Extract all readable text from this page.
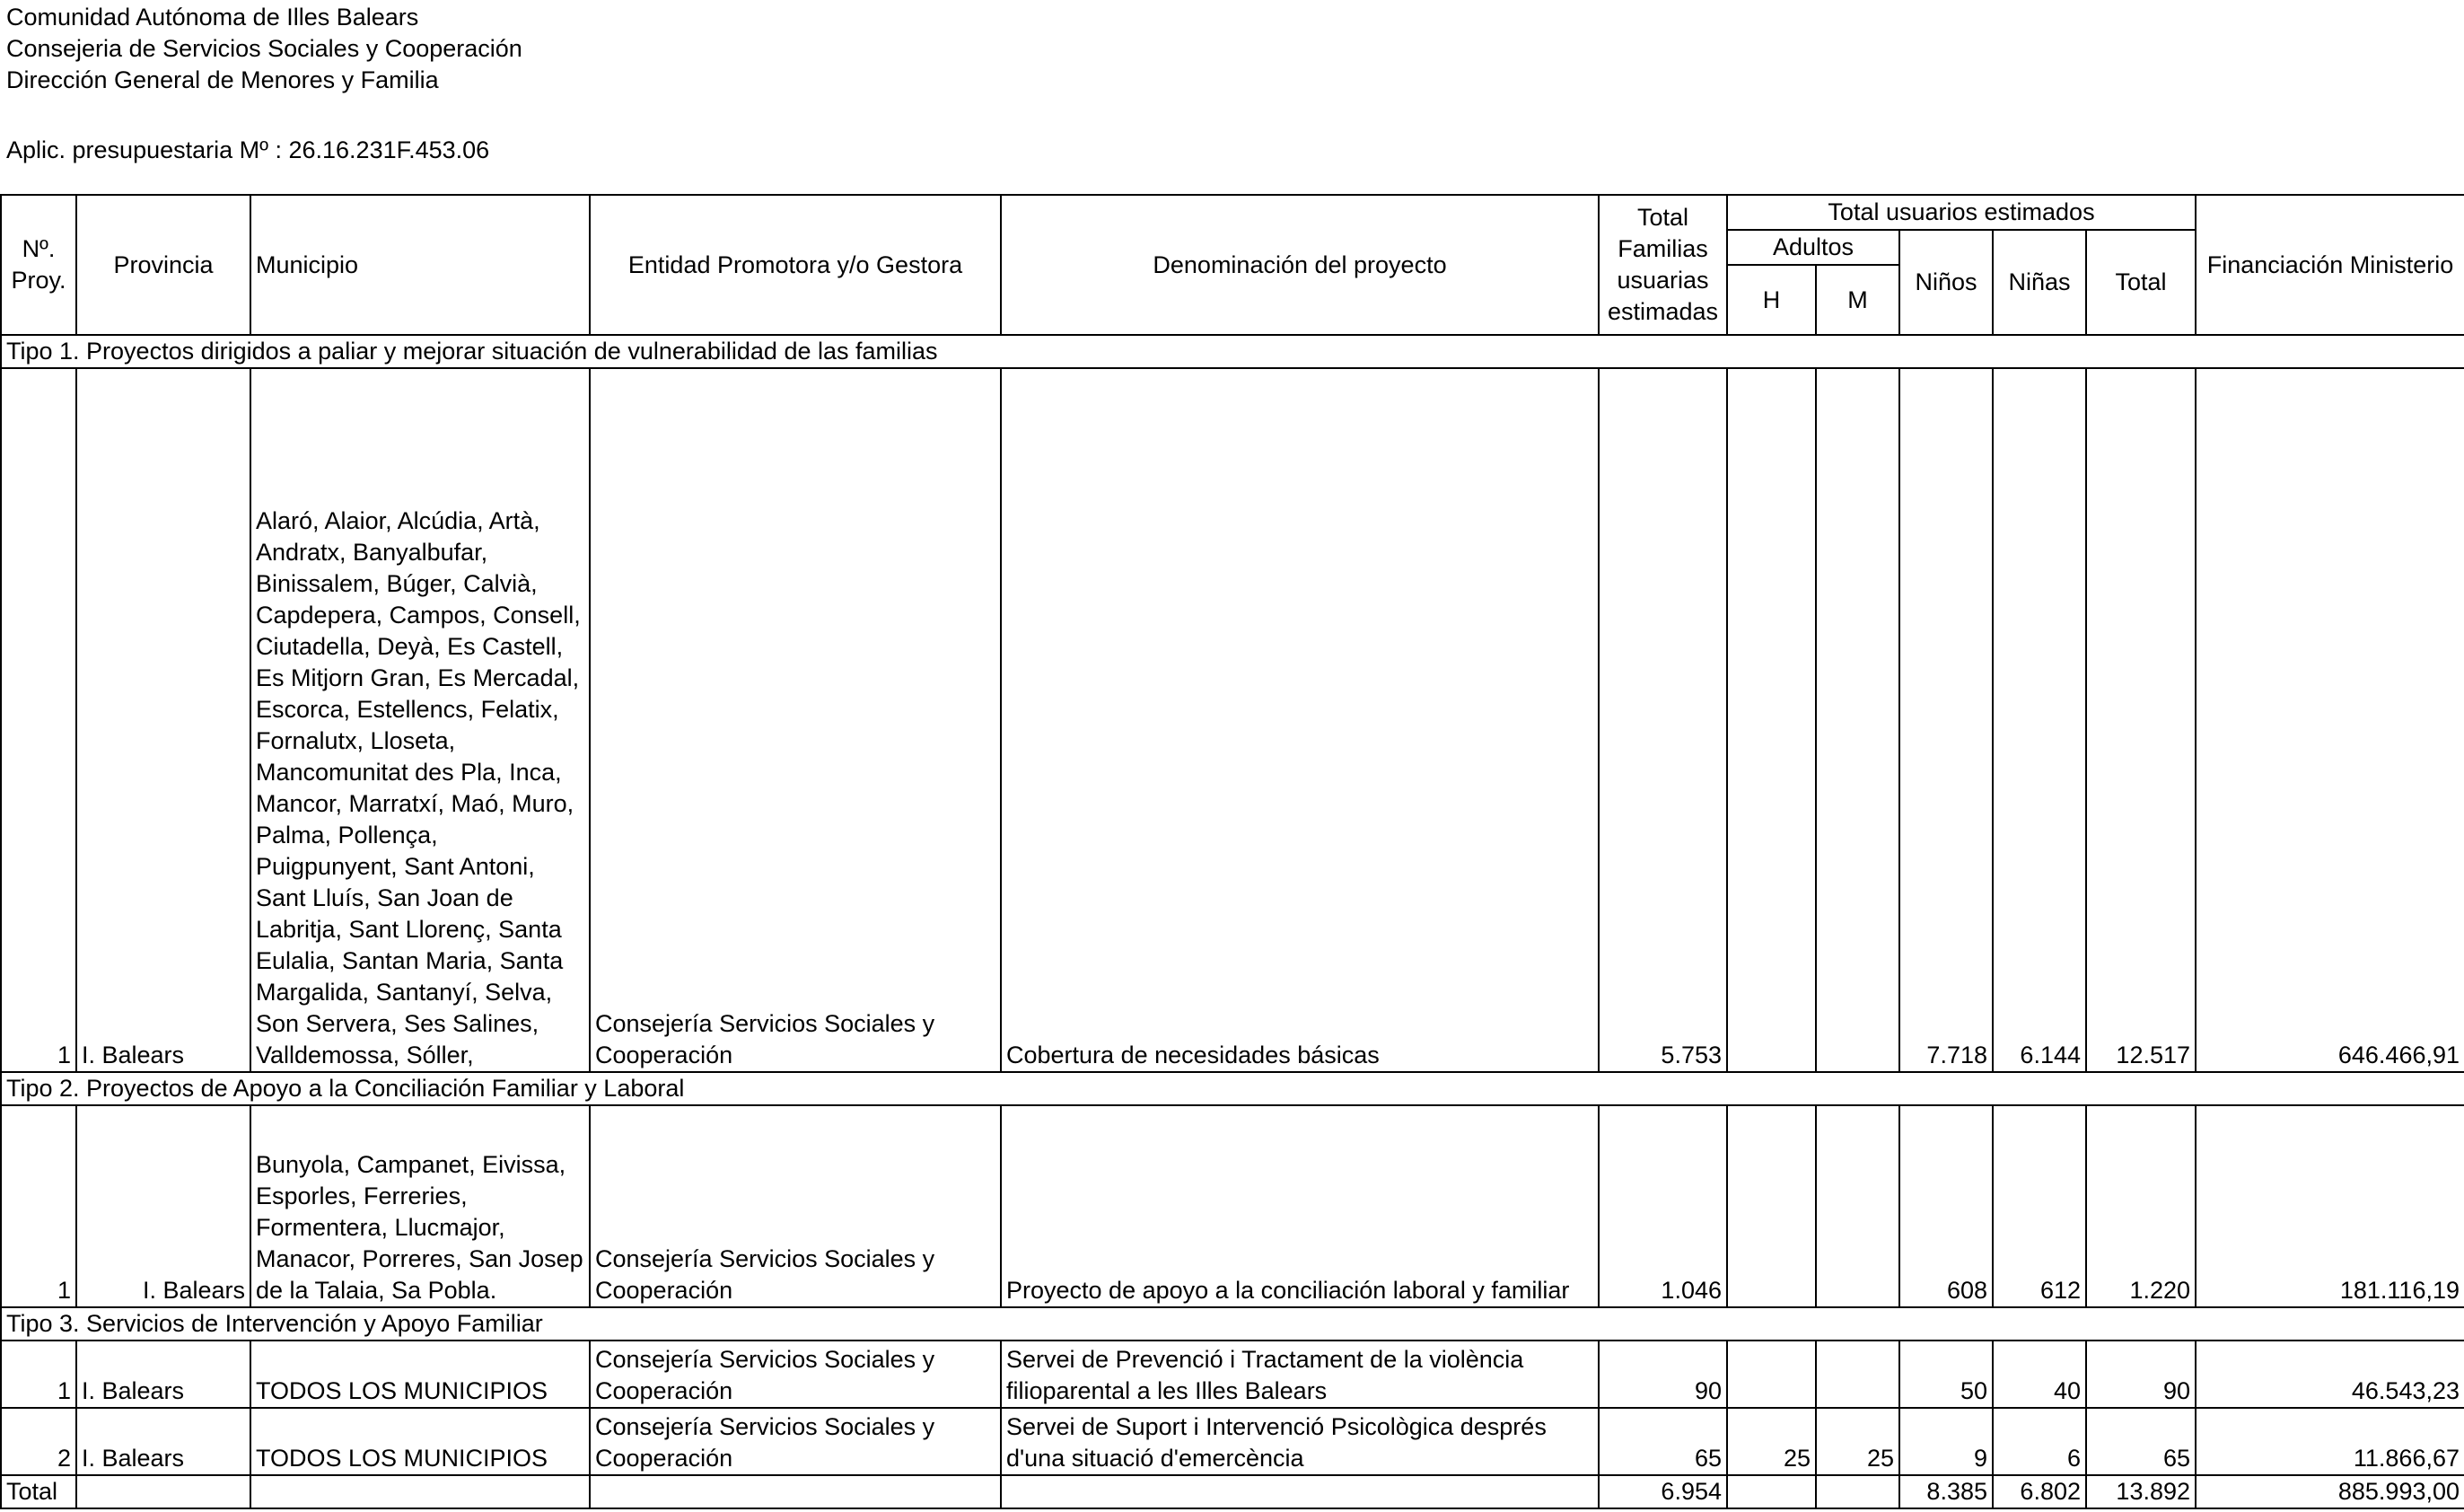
Comunidad Autónoma de Illes Balears
Consejeria de Servicios Sociales y Cooperación
Dirección General de Menores y Familia
Aplic. presupuestaria Mº : 26.16.231F.453.06
Nº. Proy.	Provincia	Municipio	Entidad Promotora y/o Gestora	Denominación del proyecto	Total Familias usuarias estimadas	Total usuarios estimados					Financiación Ministerio
						Adultos		Niños	Niñas	Total	
						H	M				
Tipo 1. Proyectos dirigidos a paliar y mejorar situación de vulnerabilidad de las familias											
1	I. Balears	Alaró, Alaior, Alcúdia, Artà, Andratx, Banyalbufar, Binissalem, Búger, Calvià, Capdepera, Campos, Consell, Ciutadella, Deyà, Es Castell, Es Mitjorn Gran, Es Mercadal, Escorca, Estellencs, Felatix, Fornalutx, Lloseta, Mancomunitat des Pla, Inca, Mancor, Marratxí, Maó, Muro, Palma, Pollença, Puigpunyent, Sant Antoni, Sant Lluís, San Joan de Labritja, Sant Llorenç, Santa Eulalia, Santan Maria, Santa Margalida, Santanyí, Selva, Son Servera, Ses Salines, Valldemossa, Sóller,	Consejería Servicios Sociales y Cooperación	Cobertura de necesidades básicas	5.753			7.718	6.144	12.517	646.466,91
Tipo 2. Proyectos de Apoyo a la Conciliación Familiar y Laboral											
1	I. Balears	Bunyola, Campanet, Eivissa, Esporles, Ferreries, Formentera, Llucmajor, Manacor, Porreres, San Josep de la Talaia, Sa Pobla.	Consejería Servicios Sociales y Cooperación	Proyecto de apoyo a la conciliación laboral y familiar	1.046			608	612	1.220	181.116,19
Tipo 3. Servicios de Intervención y Apoyo Familiar											
1	I. Balears	TODOS LOS MUNICIPIOS	Consejería Servicios Sociales y Cooperación	Servei de Prevenció i Tractament de la violència filioparental a les Illes Balears	90			50	40	90	46.543,23
2	I. Balears	TODOS LOS MUNICIPIOS	Consejería Servicios Sociales y Cooperación	Servei de Suport i Intervenció Psicològica després d'una situació d'emercència	65	25	25	9	6	65	11.866,67
Total					6.954			8.385	6.802	13.892	885.993,00
